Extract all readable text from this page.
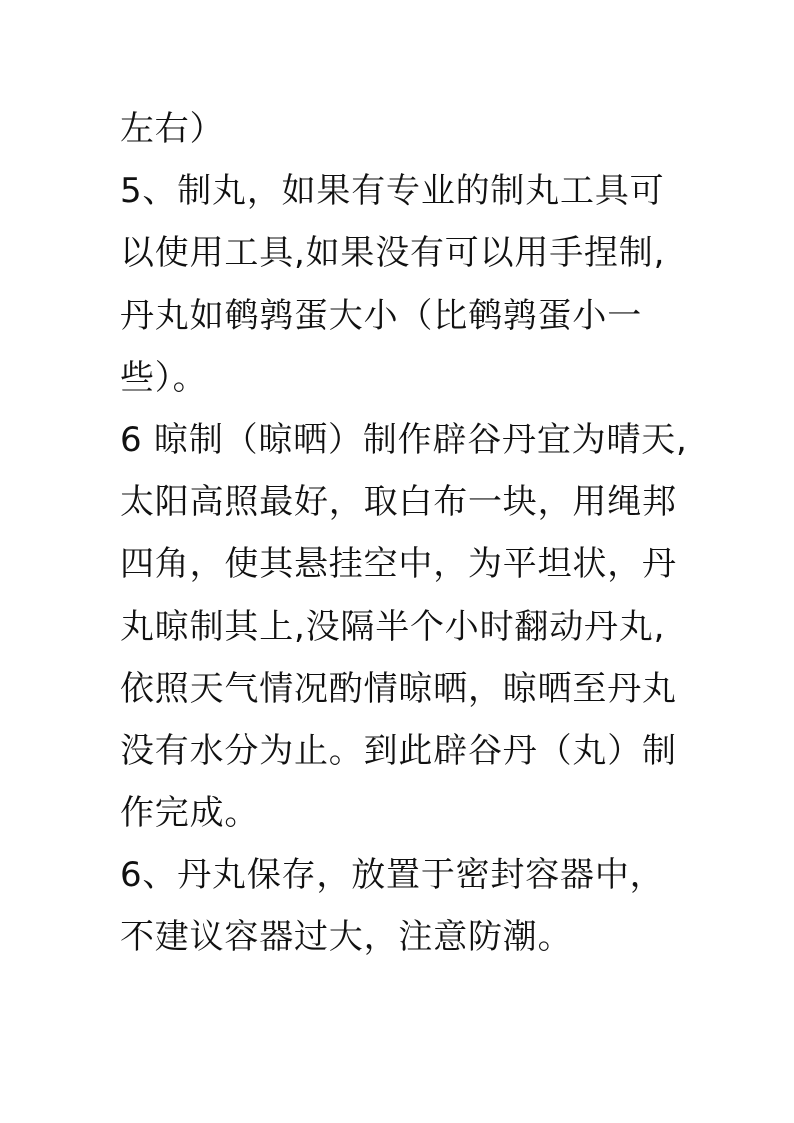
左右）
5、制丸，如果有专业的制丸工具可
以使用工具,如果没有可以用手捏制,
丹丸如鹌鹑蛋大小（比鹌鹑蛋小一
些）。
6 晾制（晾晒）制作辟谷丹宜为晴天,
太阳高照最好，取白布一块，用绳邦
四角，使其悬挂空中，为平坦状，丹
丸晾制其上,没隔半个小时翻动丹丸,
依照天气情况酌情晾晒，晾晒至丹丸
没有水分为止。到此辟谷丹（丸）制
作完成。
6、丹丸保存，放置于密封容器中，
不建议容器过大，注意防潮。
